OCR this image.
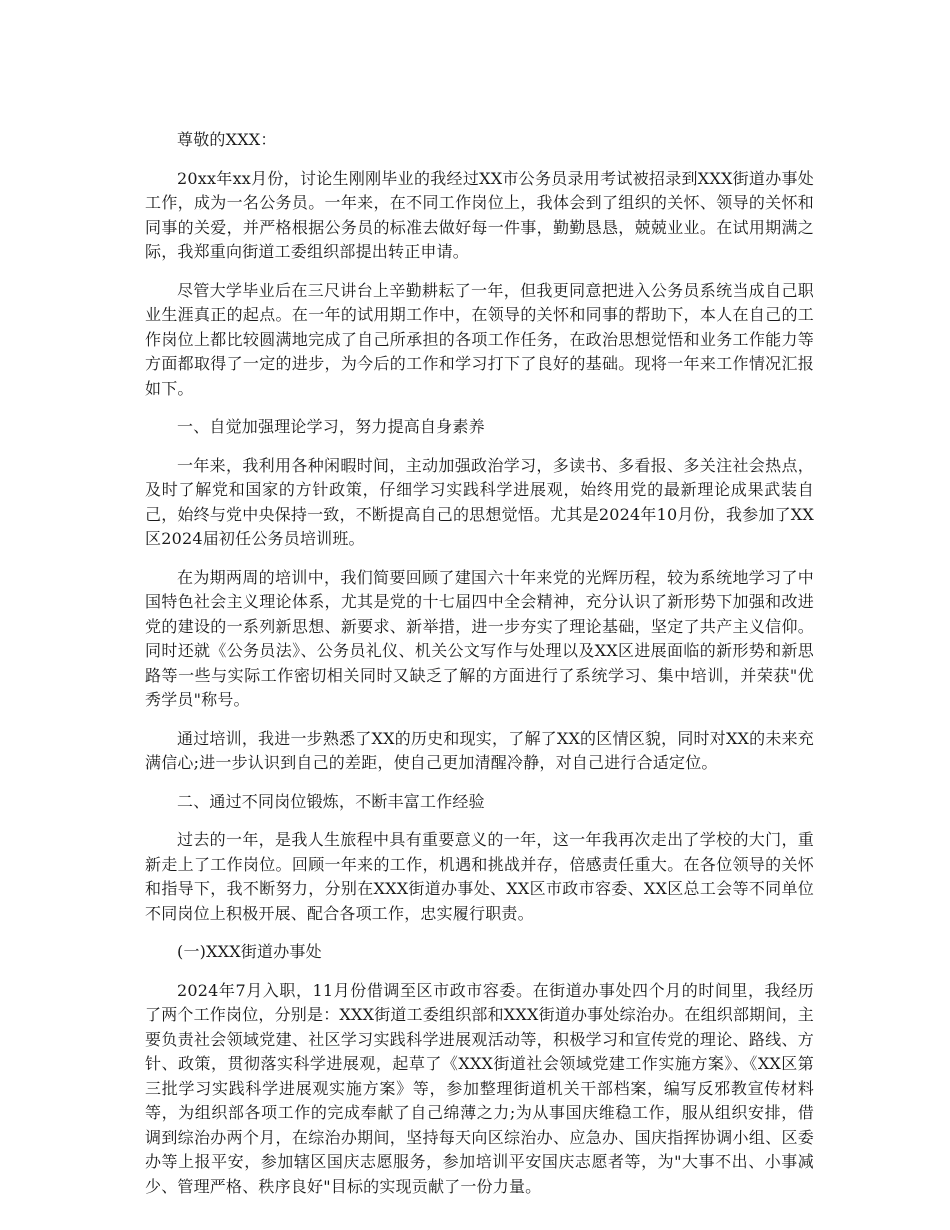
尊敬的XXX：

20xx年xx月份，讨论生刚刚毕业的我经过XX市公务员录用考试被招录到XXX街道办事处工作，成为一名公务员。一年来，在不同工作岗位上，我体会到了组织的关怀、领导的关怀和同事的关爱，并严格根据公务员的标准去做好每一件事，勤勤恳恳，兢兢业业。在试用期满之际，我郑重向街道工委组织部提出转正申请。

尽管大学毕业后在三尺讲台上辛勤耕耘了一年，但我更同意把进入公务员系统当成自己职业生涯真正的起点。在一年的试用期工作中，在领导的关怀和同事的帮助下，本人在自己的工作岗位上都比较圆满地完成了自己所承担的各项工作任务，在政治思想觉悟和业务工作能力等方面都取得了一定的进步，为今后的工作和学习打下了良好的基础。现将一年来工作情况汇报如下。

一、自觉加强理论学习，努力提高自身素养

一年来，我利用各种闲暇时间，主动加强政治学习，多读书、多看报、多关注社会热点，及时了解党和国家的方针政策，仔细学习实践科学进展观，始终用党的最新理论成果武装自己，始终与党中央保持一致，不断提高自己的思想觉悟。尤其是2024年10月份，我参加了XX区2024届初任公务员培训班。

在为期两周的培训中，我们简要回顾了建国六十年来党的光辉历程，较为系统地学习了中国特色社会主义理论体系，尤其是党的十七届四中全会精神，充分认识了新形势下加强和改进党的建设的一系列新思想、新要求、新举措，进一步夯实了理论基础，坚定了共产主义信仰。同时还就《公务员法》、公务员礼仪、机关公文写作与处理以及XX区进展面临的新形势和新思路等一些与实际工作密切相关同时又缺乏了解的方面进行了系统学习、集中培训，并荣获"优秀学员"称号。

通过培训，我进一步熟悉了XX的历史和现实，了解了XX的区情区貌，同时对XX的未来充满信心;进一步认识到自己的差距，使自己更加清醒冷静，对自己进行合适定位。

二、通过不同岗位锻炼，不断丰富工作经验

过去的一年，是我人生旅程中具有重要意义的一年，这一年我再次走出了学校的大门，重新走上了工作岗位。回顾一年来的工作，机遇和挑战并存，倍感责任重大。在各位领导的关怀和指导下，我不断努力，分别在XXX街道办事处、XX区市政市容委、XX区总工会等不同单位不同岗位上积极开展、配合各项工作，忠实履行职责。

(一)XXX街道办事处

2024年7月入职，11月份借调至区市政市容委。在街道办事处四个月的时间里，我经历了两个工作岗位，分别是：XXX街道工委组织部和XXX街道办事处综治办。在组织部期间，主要负责社会领域党建、社区学习实践科学进展观活动等，积极学习和宣传党的理论、路线、方针、政策，贯彻落实科学进展观，起草了《XXX街道社会领域党建工作实施方案》、《XX区第三批学习实践科学进展观实施方案》等，参加整理街道机关干部档案，编写反邪教宣传材料等，为组织部各项工作的完成奉献了自己绵薄之力;为从事国庆维稳工作，服从组织安排，借调到综治办两个月，在综治办期间，坚持每天向区综治办、应急办、国庆指挥协调小组、区委办等上报平安，参加辖区国庆志愿服务，参加培训平安国庆志愿者等，为"大事不出、小事减少、管理严格、秩序良好"目标的实现贡献了一份力量。
